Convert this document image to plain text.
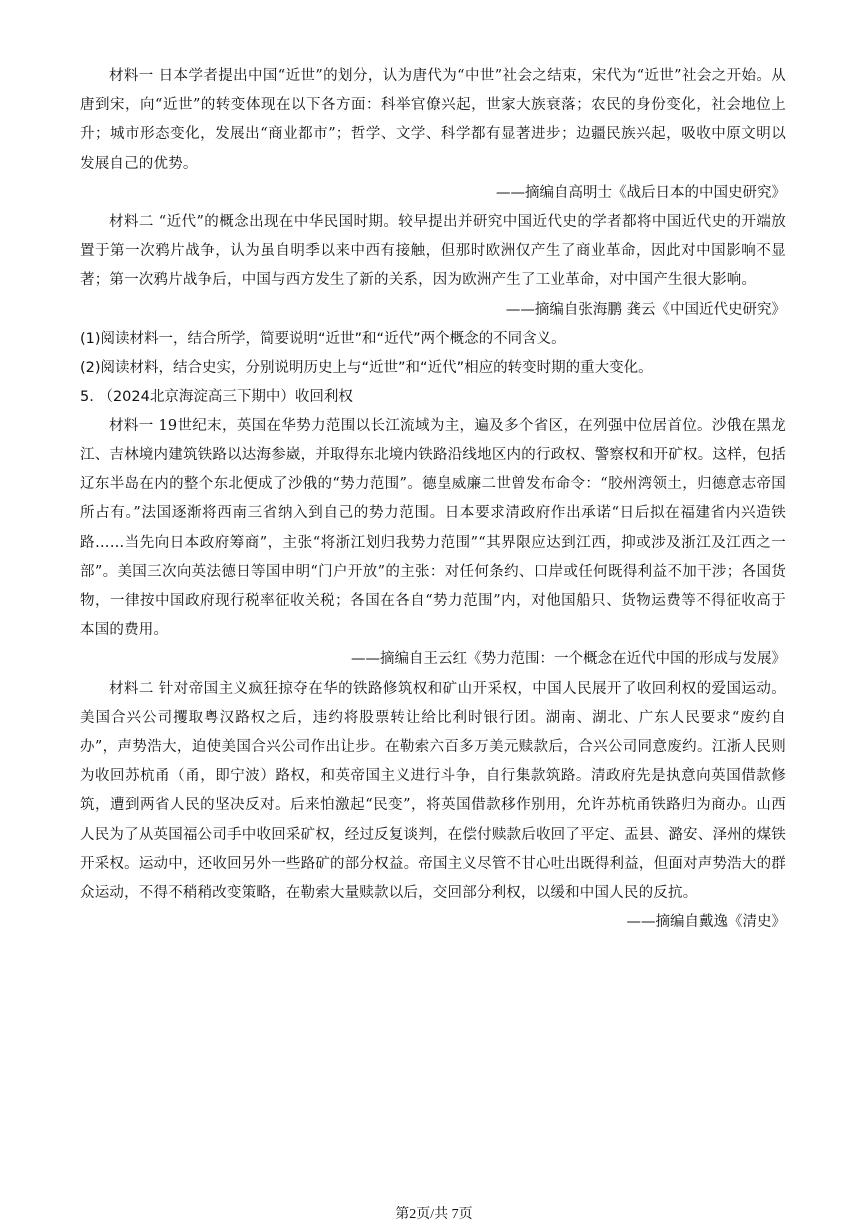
材料一 日本学者提出中国“近世”的划分，认为唐代为“中世”社会之结束，宋代为“近世”社会之开始。从唐到宋，向“近世”的转变体现在以下各方面：科举官僚兴起，世家大族衰落；农民的身份变化，社会地位上升；城市形态变化，发展出“商业都市”；哲学、文学、科学都有显著进步；边疆民族兴起，吸收中原文明以发展自己的优势。

——摘编自高明士《战后日本的中国史研究》

材料二 “近代”的概念出现在中华民国时期。较早提出并研究中国近代史的学者都将中国近代史的开端放置于第一次鸦片战争，认为虽自明季以来中西有接触，但那时欧洲仅产生了商业革命，因此对中国影响不显著；第一次鸦片战争后，中国与西方发生了新的关系，因为欧洲产生了工业革命，对中国产生很大影响。

——摘编自张海鹏 龚云《中国近代史研究》

(1)阅读材料一，结合所学，简要说明“近世”和“近代”两个概念的不同含义。

(2)阅读材料，结合史实，分别说明历史上与“近世”和“近代”相应的转变时期的重大变化。

5. （2024北京海淀高三下期中）收回利权

材料一 19世纪末，英国在华势力范围以长江流域为主，遍及多个省区，在列强中位居首位。沙俄在黑龙江、吉林境内建筑铁路以达海参崴，并取得东北境内铁路沿线地区内的行政权、警察权和开矿权。这样，包括辽东半岛在内的整个东北便成了沙俄的“势力范围”。德皇威廉二世曾发布命令：“胶州湾领土，归德意志帝国所占有。”法国逐渐将西南三省纳入到自己的势力范围。日本要求清政府作出承诺“日后拟在福建省内兴造铁路……当先向日本政府筹商”，主张“将浙江划归我势力范围”“其界限应达到江西，抑或涉及浙江及江西之一部”。美国三次向英法德日等国申明“门户开放”的主张：对任何条约、口岸或任何既得利益不加干涉；各国货物，一律按中国政府现行税率征收关税；各国在各自“势力范围”内，对他国船只、货物运费等不得征收高于本国的费用。

——摘编自王云红《势力范围：一个概念在近代中国的形成与发展》

材料二 针对帝国主义疯狂掠夺在华的铁路修筑权和矿山开采权，中国人民展开了收回利权的爱国运动。美国合兴公司攫取粤汉路权之后，违约将股票转让给比利时银行团。湖南、湖北、广东人民要求“废约自办”，声势浩大，迫使美国合兴公司作出让步。在勒索六百多万美元赎款后，合兴公司同意废约。江浙人民则为收回苏杭甬（甬，即宁波）路权，和英帝国主义进行斗争，自行集款筑路。清政府先是执意向英国借款修筑，遭到两省人民的坚决反对。后来怕激起“民变”，将英国借款移作别用，允许苏杭甬铁路归为商办。山西人民为了从英国福公司手中收回采矿权，经过反复谈判，在偿付赎款后收回了平定、盂县、潞安、泽州的煤铁开采权。运动中，还收回另外一些路矿的部分权益。帝国主义尽管不甘心吐出既得利益，但面对声势浩大的群众运动，不得不稍稍改变策略，在勒索大量赎款以后，交回部分利权，以缓和中国人民的反抗。

——摘编自戴逸《清史》

第2页/共 7页
